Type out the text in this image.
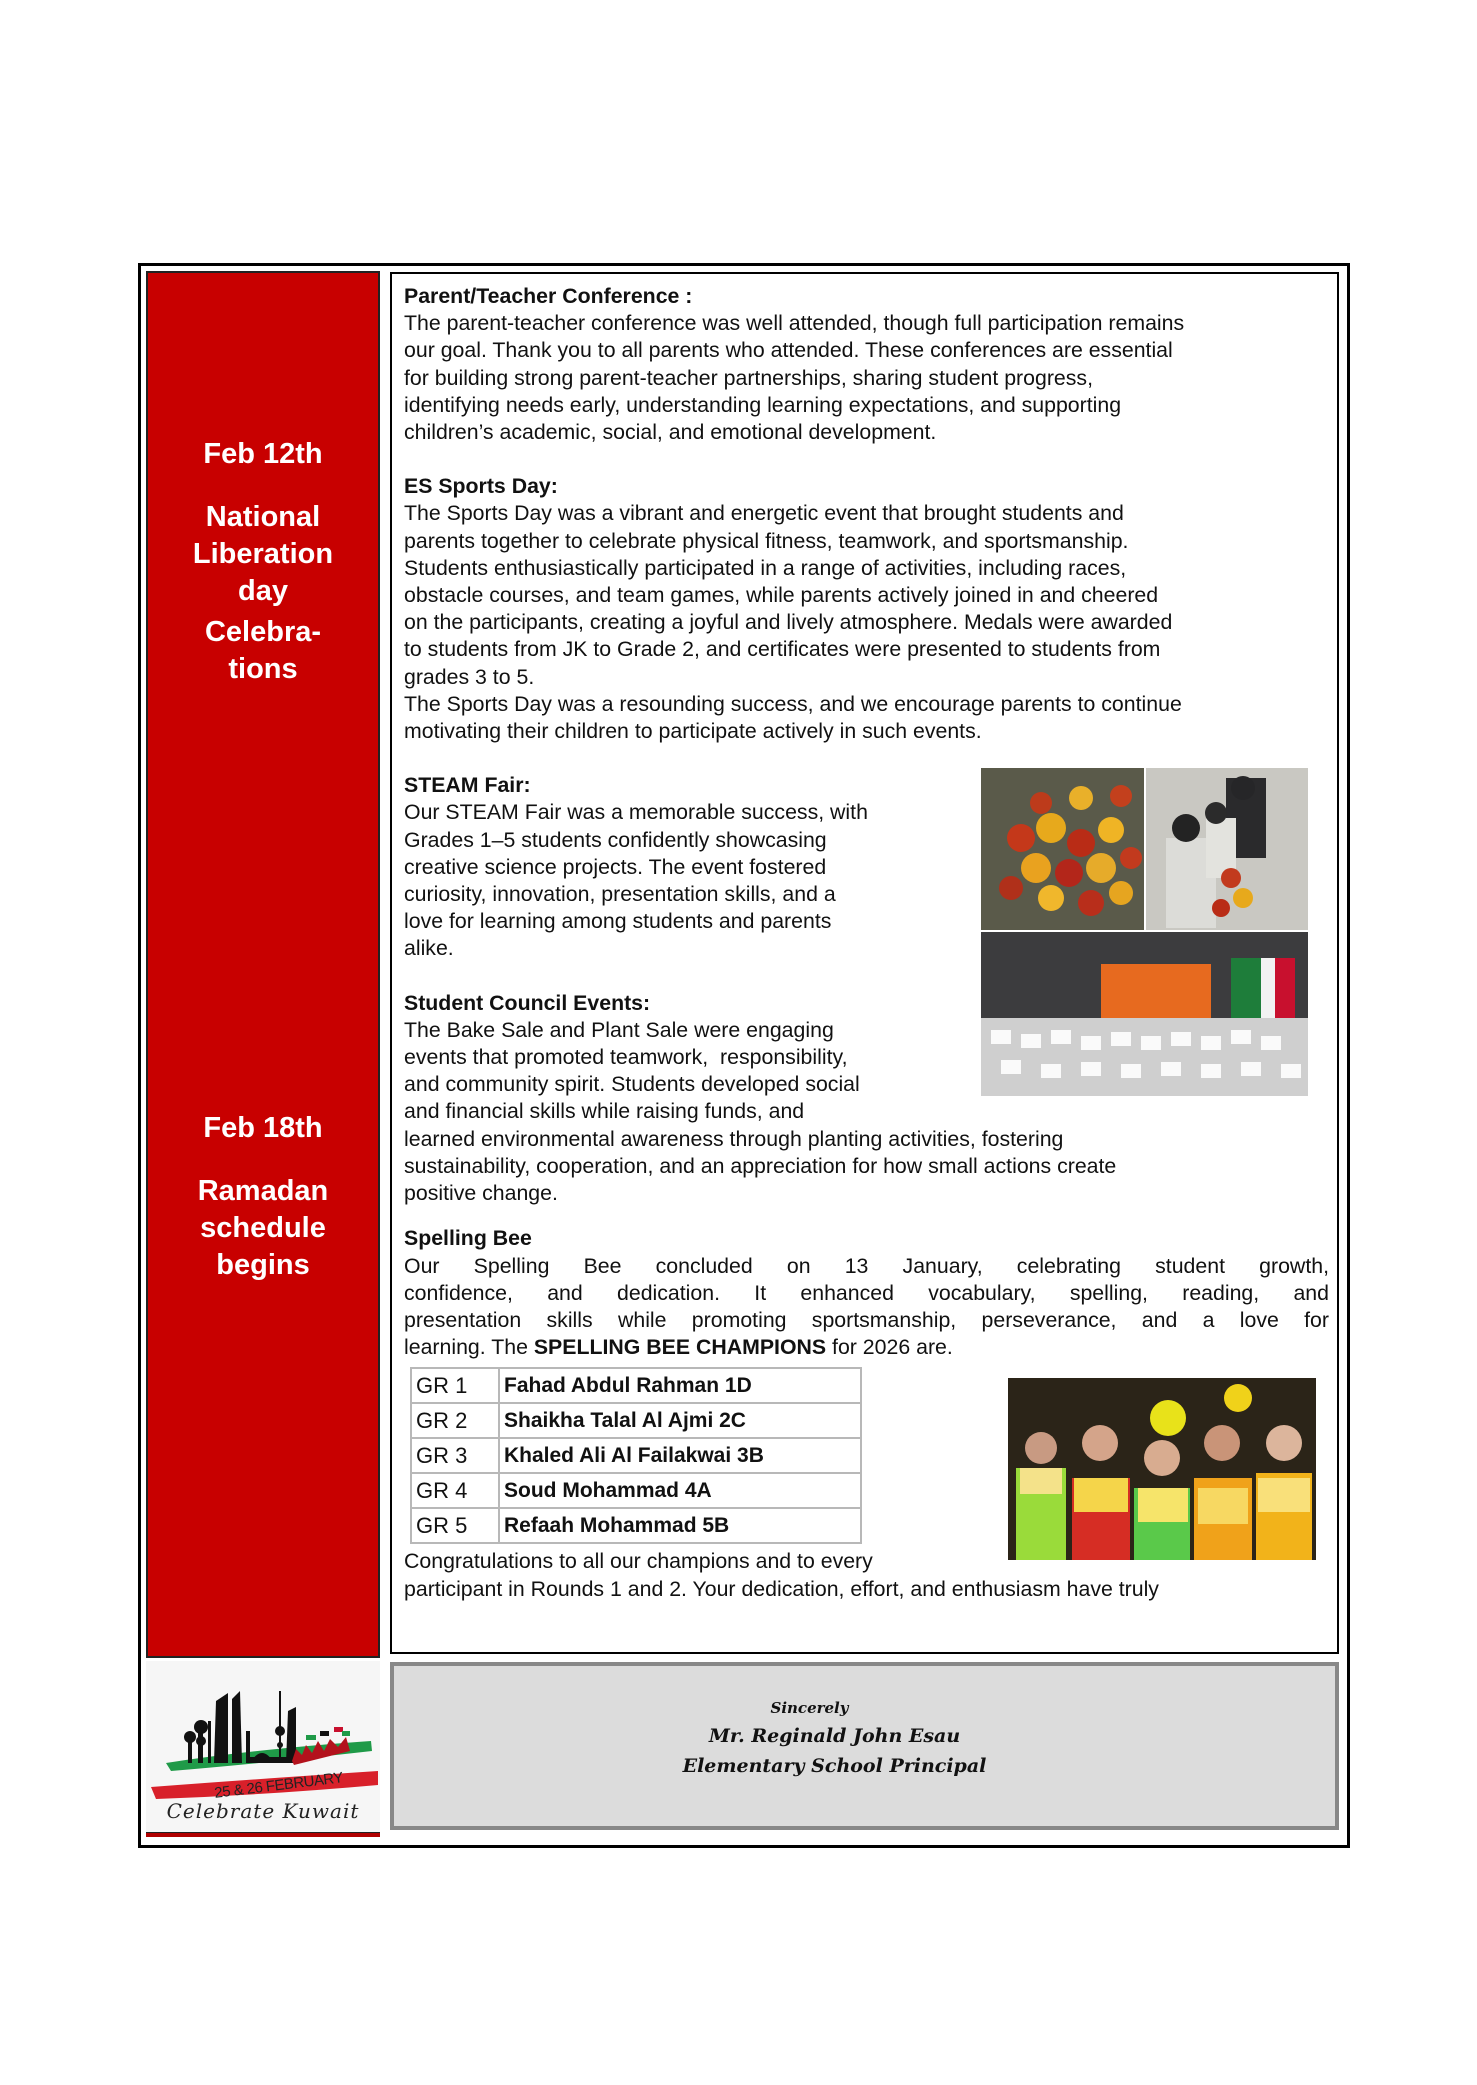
Feb 12th
National
Liberation
day
Celebra-
tions
Feb 18th
Ramadan
schedule
begins
25 & 26 FEBRUARY
Celebrate Kuwait
Parent/Teacher Conference :
The parent-teacher conference was well attended, though full participation remains
our goal. Thank you to all parents who attended. These conferences are essential
for building strong parent-teacher partnerships, sharing student progress,
identifying needs early, understanding learning expectations, and supporting
children’s academic, social, and emotional development.
ES Sports Day:
The Sports Day was a vibrant and energetic event that brought students and
parents together to celebrate physical fitness, teamwork, and sportsmanship.
Students enthusiastically participated in a range of activities, including races,
obstacle courses, and team games, while parents actively joined in and cheered
on the participants, creating a joyful and lively atmosphere. Medals were awarded
to students from JK to Grade 2, and certificates were presented to students from
grades 3 to 5.
The Sports Day was a resounding success, and we encourage parents to continue
motivating their children to participate actively in such events.
STEAM Fair:
Our STEAM Fair was a memorable success, with
Grades 1–5 students confidently showcasing
creative science projects. The event fostered
curiosity, innovation, presentation skills, and a
love for learning among students and parents
alike.
Student Council Events:
The Bake Sale and Plant Sale were engaging
events that promoted teamwork,  responsibility,
and community spirit. Students developed social
and financial skills while raising funds, and
learned environmental awareness through planting activities, fostering
sustainability, cooperation, and an appreciation for how small actions create
positive change.
Spelling Bee
Our Spelling Bee concluded on 13 January, celebrating student growth,
confidence, and dedication. It enhanced vocabulary, spelling, reading, and
presentation skills while promoting sportsmanship, perseverance, and a love for
learning. The SPELLING BEE CHAMPIONS for 2026 are.
GR 1	Fahad Abdul Rahman 1D
GR 2	Shaikha Talal Al Ajmi 2C
GR 3	Khaled Ali Al Failakwai 3B
GR 4	Soud Mohammad 4A
GR 5	Refaah Mohammad 5B
Congratulations to all our champions and to every
participant in Rounds 1 and 2. Your dedication, effort, and enthusiasm have truly
Sincerely
Mr. Reginald John Esau
Elementary School Principal
